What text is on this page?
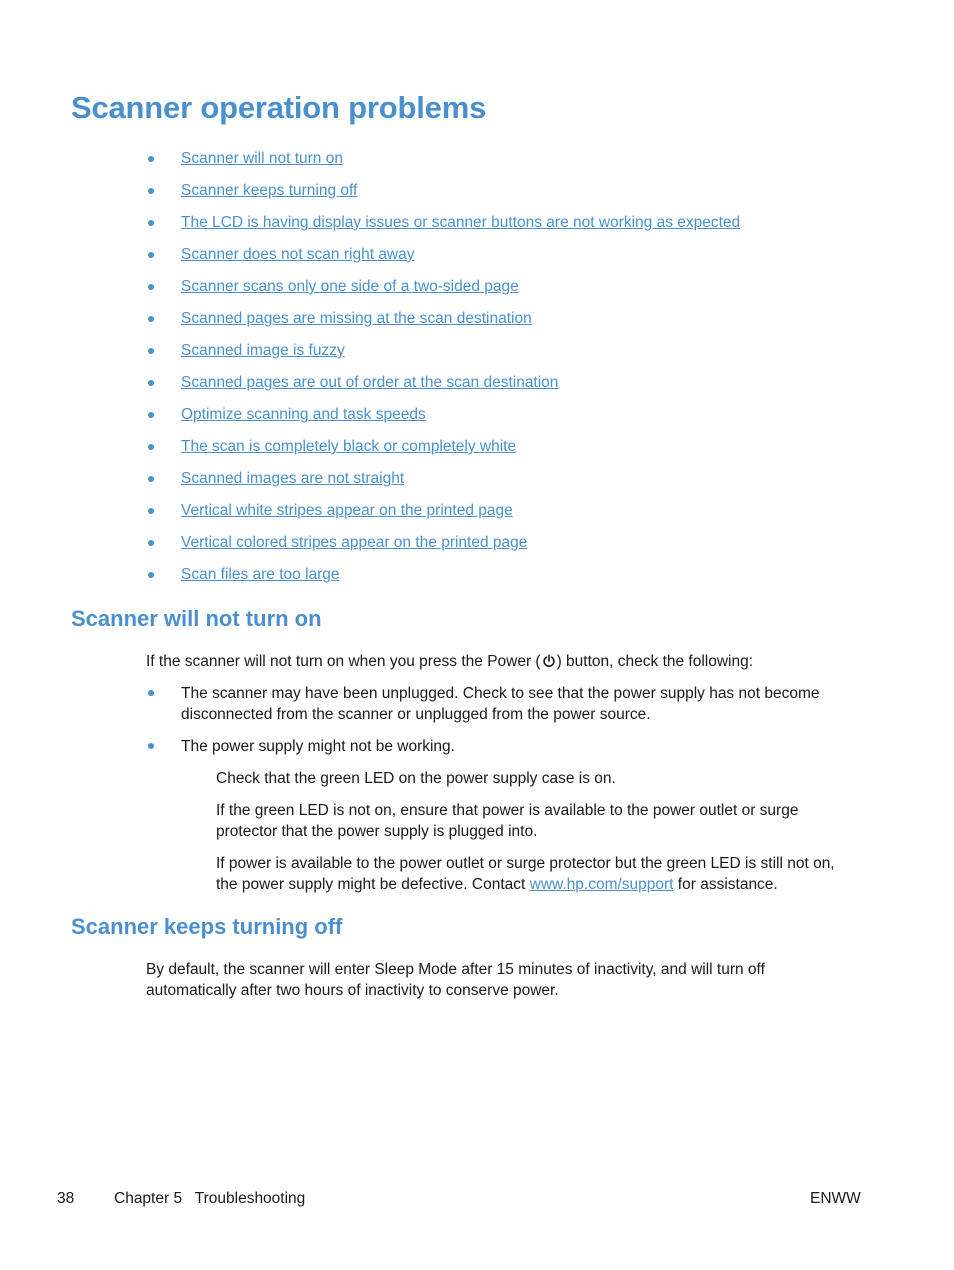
Scanner operation problems
Scanner will not turn on
Scanner keeps turning off
The LCD is having display issues or scanner buttons are not working as expected
Scanner does not scan right away
Scanner scans only one side of a two-sided page
Scanned pages are missing at the scan destination
Scanned image is fuzzy
Scanned pages are out of order at the scan destination
Optimize scanning and task speeds
The scan is completely black or completely white
Scanned images are not straight
Vertical white stripes appear on the printed page
Vertical colored stripes appear on the printed page
Scan files are too large
Scanner will not turn on

If the scanner will not turn on when you press the Power ( ) button, check the following:

The scanner may have been unplugged. Check to see that the power supply has not become

disconnected from the scanner or unplugged from the power source.

The power supply might not be working.

Check that the green LED on the power supply case is on.

If the green LED is not on, ensure that power is available to the power outlet or surge

protector that the power supply is plugged into.

If power is available to the power outlet or surge protector but the green LED is still not on,

the power supply might be defective. Contact www.hp.com/support for assistance.

Scanner keeps turning off

By default, the scanner will enter Sleep Mode after 15 minutes of inactivity, and will turn off

automatically after two hours of inactivity to conserve power.

38	Chapter 5   Troubleshooting	ENWW
